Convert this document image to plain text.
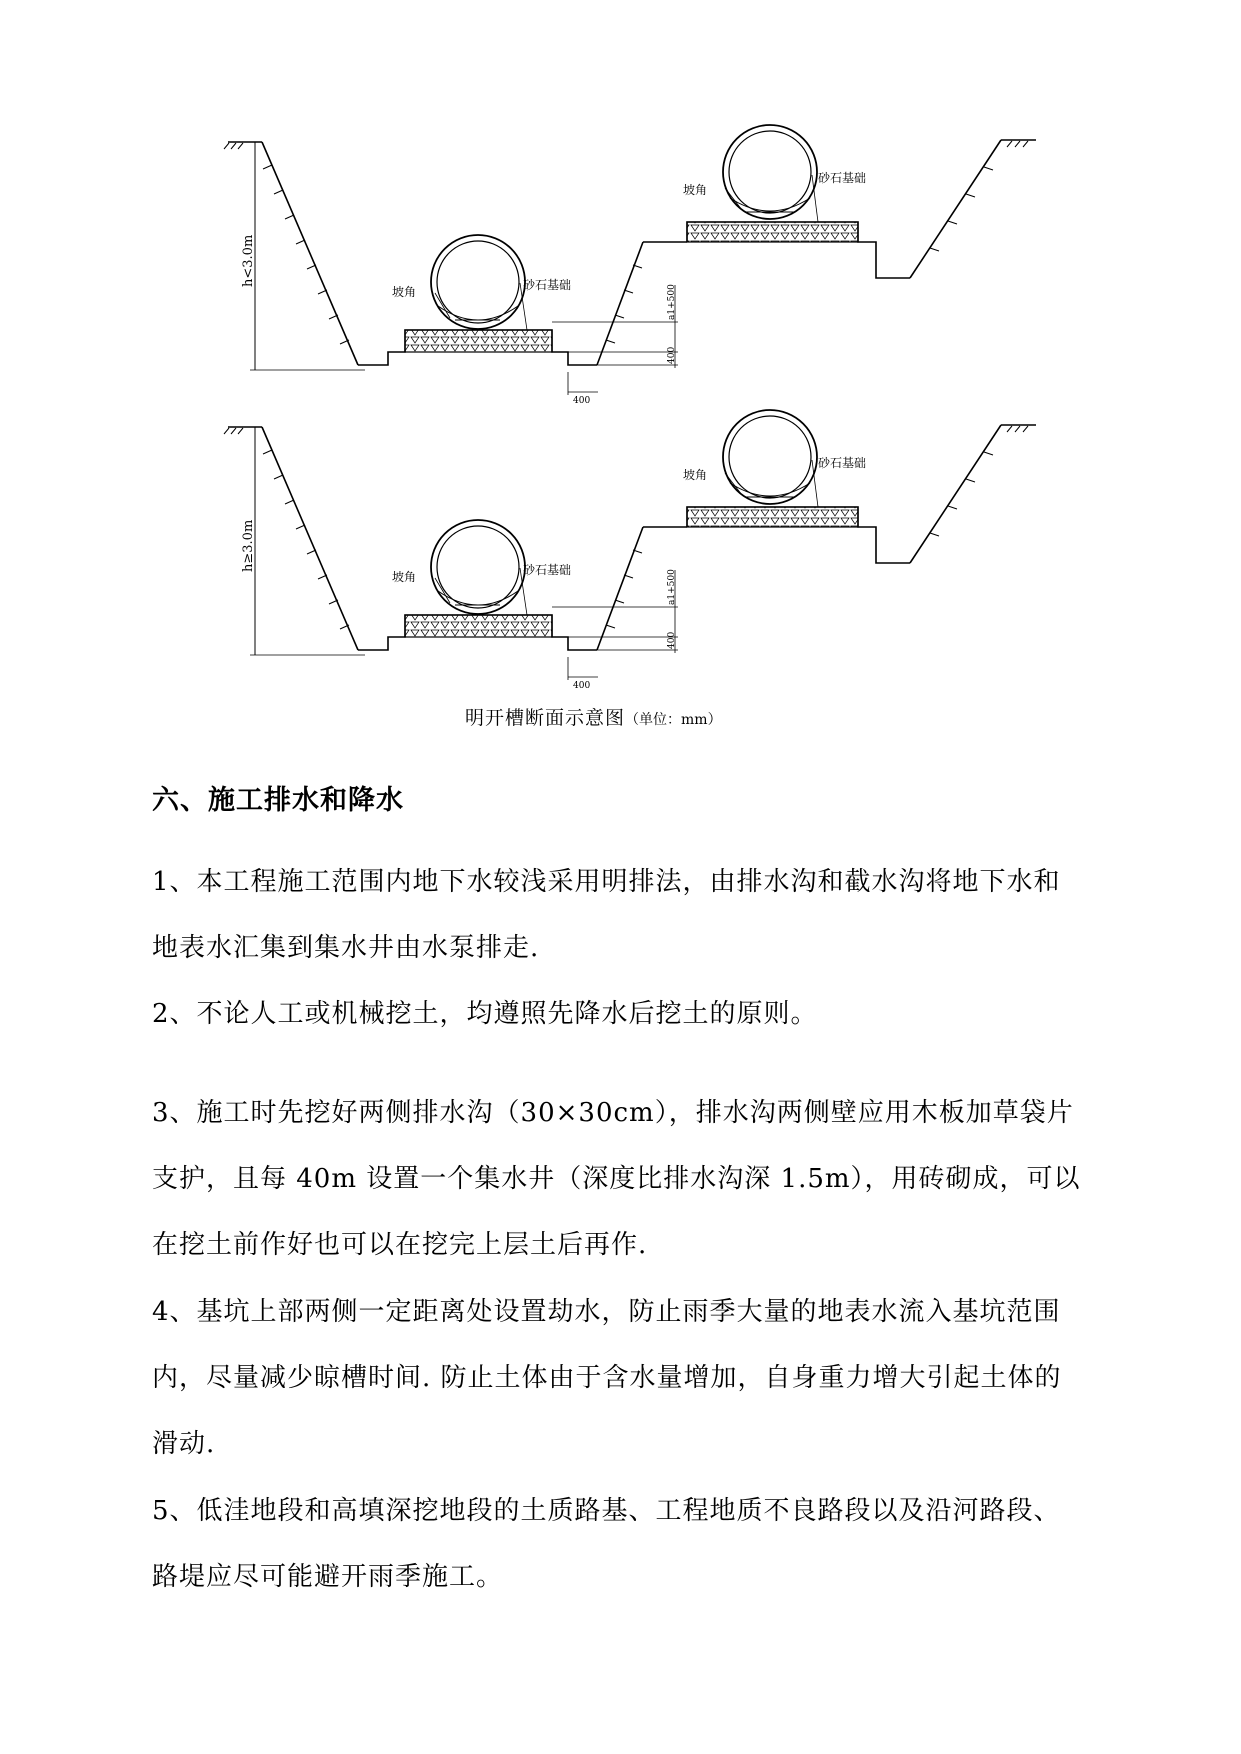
h<3.0m
坡角	砂石基础
坡角
砂石基础
a1+500
400
400
h≥3.0m
坡角	砂石基础
坡角
砂石基础
a1+500
400
400
明开槽断面示意图（单位：mm）
六、施工排水和降水
1、本工程施工范围内地下水较浅采用明排法，由排水沟和截水沟将地下水和地表水汇集到集水井由水泵排走.
2、不论人工或机械挖土，均遵照先降水后挖土的原则。
3、施工时先挖好两侧排水沟（30×30cm），排水沟两侧壁应用木板加草袋片支护，且每 40m 设置一个集水井（深度比排水沟深 1.5m），用砖砌成，可以在挖土前作好也可以在挖完上层土后再作.
4、基坑上部两侧一定距离处设置劫水，防止雨季大量的地表水流入基坑范围内，尽量减少晾槽时间. 防止土体由于含水量增加，自身重力增大引起土体的滑动.
5、低洼地段和高填深挖地段的土质路基、工程地质不良路段以及沿河路段、路堤应尽可能避开雨季施工。
